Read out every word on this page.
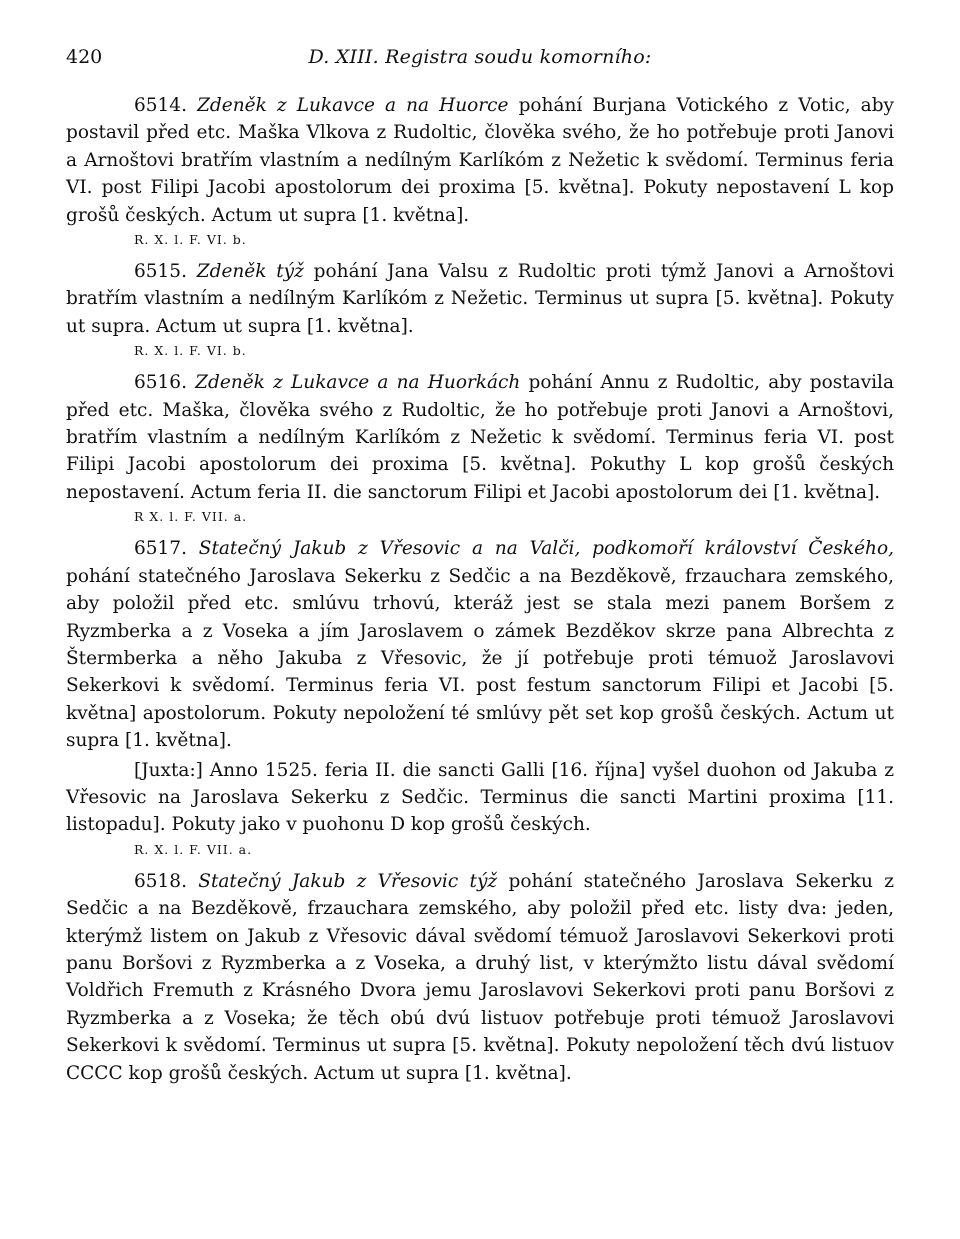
420	D. XIII. Registra soudu komorního:

6514. Zdeněk z Lukavce a na Huorce pohání Burjana Votického z Votic, aby postavil před etc. Maška Vlkova z Rudoltic, člověka svého, že ho potřebuje proti Janovi a Arnoštovi bratřím vlastním a nedílným Karlíkóm z Nežetic k svědomí. Terminus feria VI. post Filipi Jacobi apostolorum dei proxima [5. května]. Pokuty nepostavení L kop grošů českých. Actum ut supra [1. května].

R. X. l. F. VI. b.

6515. Zdeněk týž pohání Jana Valsu z Rudoltic proti týmž Janovi a Arnoštovi bratřím vlastním a nedílným Karlíkóm z Nežetic. Terminus ut supra [5. května]. Pokuty ut supra. Actum ut supra [1. května].

R. X. l. F. VI. b.

6516. Zdeněk z Lukavce a na Huorkách pohání Annu z Rudoltic, aby postavila před etc. Maška, člověka svého z Rudoltic, že ho potřebuje proti Janovi a Arnoštovi, bratřím vlastním a nedílným Karlíkóm z Nežetic k svědomí. Terminus feria VI. post Filipi Jacobi apostolorum dei proxima [5. května]. Pokuthy L kop grošů českých nepostavení. Actum feria II. die sanctorum Filipi et Jacobi apostolorum dei [1. května].

R X. l. F. VII. a.

6517. Statečný Jakub z Vřesovic a na Valči, podkomoří království Českého, pohání statečného Jaroslava Sekerku z Sedčic a na Bezděkově, frzauchara zemského, aby položil před etc. smlúvu trhovú, kteráž jest se stala mezi panem Boršem z Ryzmberka a z Voseka a jím Jaroslavem o zámek Bezděkov skrze pana Albrechta z Štermberka a něho Jakuba z Vřesovic, že jí potřebuje proti témuož Jaroslavovi Sekerkovi k svědomí. Terminus feria VI. post festum sanctorum Filipi et Jacobi [5. května] apostolorum. Pokuty nepoložení té smlúvy pět set kop grošů českých. Actum ut supra [1. května].

[Juxta:] Anno 1525. feria II. die sancti Galli [16. října] vyšel duohon od Jakuba z Vřesovic na Jaroslava Sekerku z Sedčic. Terminus die sancti Martini proxima [11. listopadu]. Pokuty jako v puohonu D kop grošů českých.

R. X. l. F. VII. a.

6518. Statečný Jakub z Vřesovic týž pohání statečného Jaroslava Sekerku z Sedčic a na Bezděkově, frzauchara zemského, aby položil před etc. listy dva: jeden, kterýmž listem on Jakub z Vřesovic dával svědomí témuož Jaroslavovi Sekerkovi proti panu Boršovi z Ryzmberka a z Voseka, a druhý list, v kterýmžto listu dával svědomí Voldřich Fremuth z Krásného Dvora jemu Jaroslavovi Sekerkovi proti panu Boršovi z Ryzmberka a z Voseka; že těch obú dvú listuov potřebuje proti témuož Jaroslavovi Sekerkovi k svědomí. Terminus ut supra [5. května]. Pokuty nepoložení těch dvú listuov CCCC kop grošů českých. Actum ut supra [1. května].
